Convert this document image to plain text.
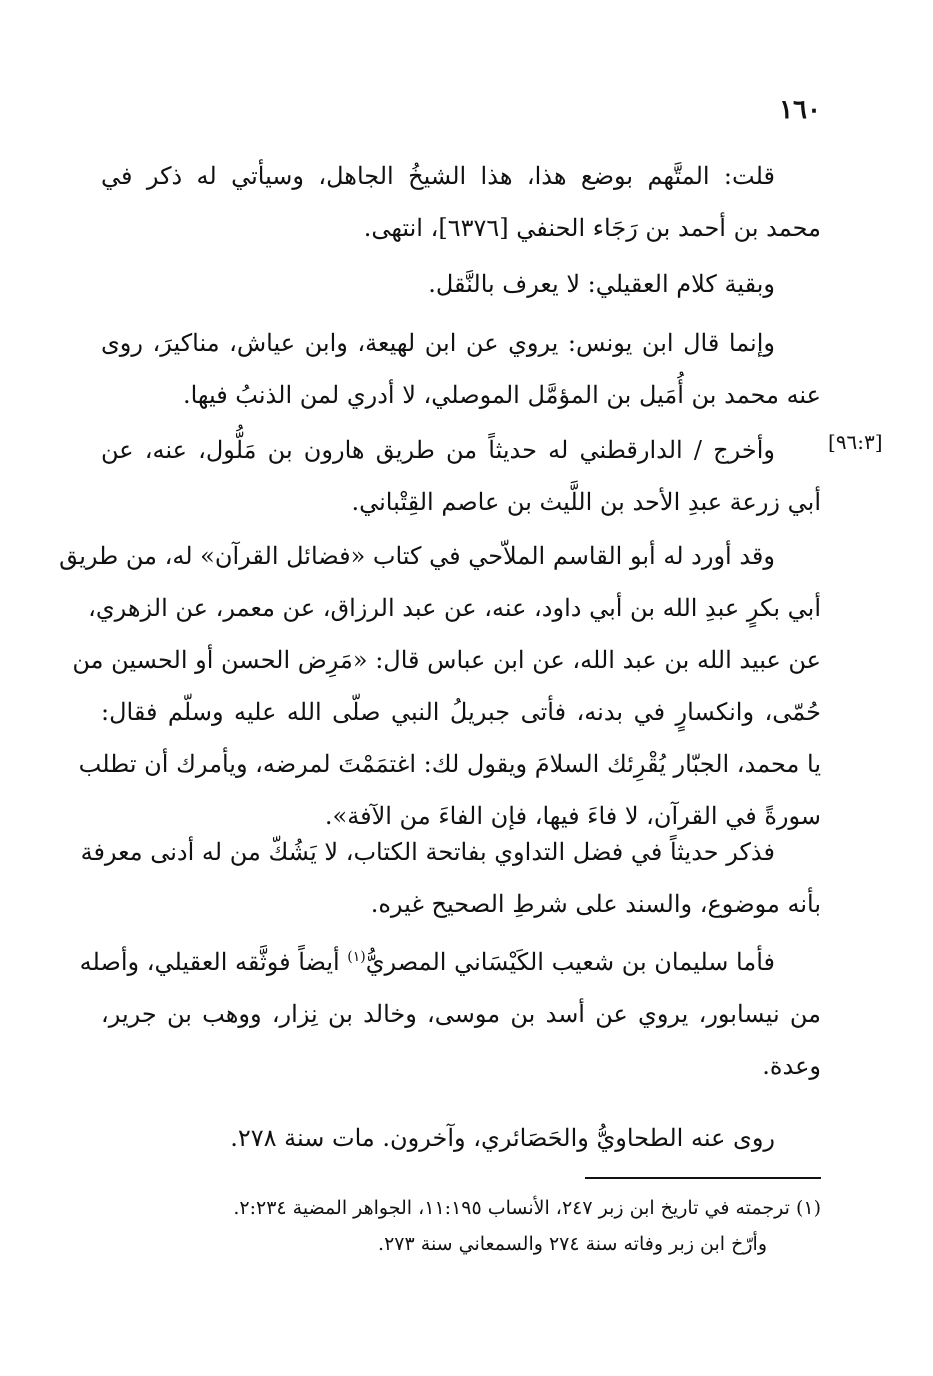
١٦٠
[٩٦:٣]
قلت: المتَّهم بوضع هذا، هذا الشيخُ الجاهل، وسيأتي له ذكر في
محمد بن أحمد بن رَجَاء الحنفي [٦٣٧٦]، انتهى.
وبقية كلام العقيلي: لا يعرف بالنَّقل.
وإنما قال ابن يونس: يروي عن ابن لهيعة، وابن عياش، مناكيرَ، روى
عنه محمد بن أُمَيل بن المؤمَّل الموصلي، لا أدري لمن الذنبُ فيها.
وأخرج / الدارقطني له حديثاً من طريق هارون بن مَلُّول، عنه، عن
أبي زرعة عبدِ الأحد بن اللَّيث بن عاصم القِتْباني.
وقد أورد له أبو القاسم الملاّحي في كتاب «فضائل القرآن» له، من طريق
أبي بكرٍ عبدِ الله بن أبي داود، عنه، عن عبد الرزاق، عن معمر، عن الزهري،
عن عبيد الله بن عبد الله، عن ابن عباس قال: «مَرِض الحسن أو الحسين من
حُمّى، وانكسارٍ في بدنه، فأتى جبريلُ النبي صلّى الله عليه وسلّم فقال:
يا محمد، الجبّار يُقْرِئك السلامَ ويقول لك: اغتمَمْتَ لمرضه، ويأمرك أن تطلب
سورةً في القرآن، لا فاءَ فيها، فإن الفاءَ من الآفة».
فذكر حديثاً في فضل التداوي بفاتحة الكتاب، لا يَشُكّ من له أدنى معرفة
بأنه موضوع، والسند على شرطِ الصحيح غيره.
فأما سليمان بن شعيب الكَيْسَاني المصريُّ$^{(١)}$ أيضاً فوثَّقه العقيلي، وأصله
من نيسابور، يروي عن أسد بن موسى، وخالد بن نِزار، ووهب بن جرير،
وعدة.
روى عنه الطحاويُّ والحَصَائري، وآخرون. مات سنة ٢٧٨.
(١) ترجمته في تاريخ ابن زبر ٢٤٧، الأنساب ١١:١٩٥، الجواهر المضية ٢:٢٣٤.
وأرّخ ابن زبر وفاته سنة ٢٧٤ والسمعاني سنة ٢٧٣.
